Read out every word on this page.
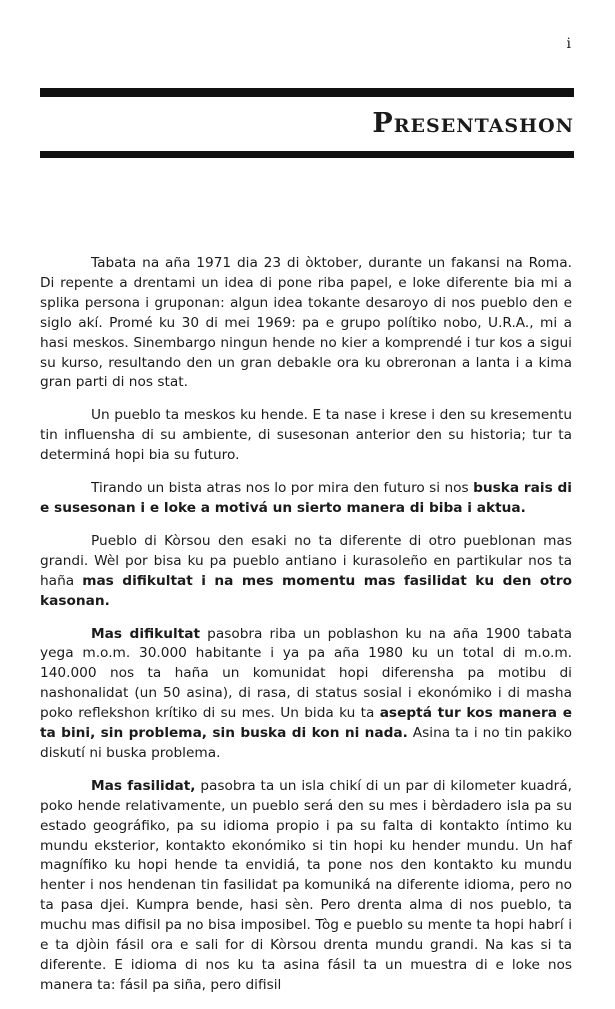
i
Presentashon

Tabata na aña 1971 dia 23 di òktober, durante un fakansi na Roma. Di repente a drentami un idea di pone riba papel, e loke diferente bia mi a splika persona i gruponan: algun idea tokante desaroyo di nos pueblo den e siglo akí. Promé ku 30 di mei 1969: pa e grupo polítiko nobo, U.R.A., mi a hasi meskos. Sinembargo ningun hende no kier a komprendé i tur kos a sigui su kurso, resultando den un gran debakle ora ku obreronan a lanta i a kima gran parti di nos stat.

Un pueblo ta meskos ku hende. E ta nase i krese i den su kresementu tin influensha di su ambiente, di susesonan anterior den su historia; tur ta determiná hopi bia su futuro.

Tirando un bista atras nos lo por mira den futuro si nos buska rais di e susesonan i e loke a motivá un sierto manera di biba i aktua.

Pueblo di Kòrsou den esaki no ta diferente di otro pueblonan mas grandi. Wèl por bisa ku pa pueblo antiano i kurasoleño en partikular nos ta haña mas difikultat i na mes momentu mas fasilidat ku den otro kasonan.

Mas difikultat pasobra riba un poblashon ku na aña 1900 tabata yega m.o.m. 30.000 habitante i ya pa aña 1980 ku un total di m.o.m. 140.000 nos ta haña un komunidat hopi diferensha pa motibu di nashonalidat (un 50 asina), di rasa, di status sosial i ekonómiko i di masha poko reflekshon krítiko di su mes. Un bida ku ta aseptá tur kos manera e ta bini, sin problema, sin buska di kon ni nada. Asina ta i no tin pakiko diskutí ni buska problema.

Mas fasilidat, pasobra ta un isla chikí di un par di kilometer kuadrá, poko hende relativamente, un pueblo será den su mes i bèrdadero isla pa su estado geográfiko, pa su idioma propio i pa su falta di kontakto íntimo ku mundu eksterior, kontakto ekonómiko si tin hopi ku hender mundu. Un haf magnífiko ku hopi hende ta envidiá, ta pone nos den kontakto ku mundu henter i nos hendenan tin fasilidat pa komuniká na diferente idioma, pero no ta pasa djei. Kumpra bende, hasi sèn. Pero drenta alma di nos pueblo, ta muchu mas difisil pa no bisa imposibel. Tòg e pueblo su mente ta hopi habrí i e ta djòin fásil ora e sali for di Kòrsou drenta mundu grandi. Na kas si ta diferente. E idioma di nos ku ta asina fásil ta un muestra di e loke nos manera ta: fásil pa siña, pero difisil
